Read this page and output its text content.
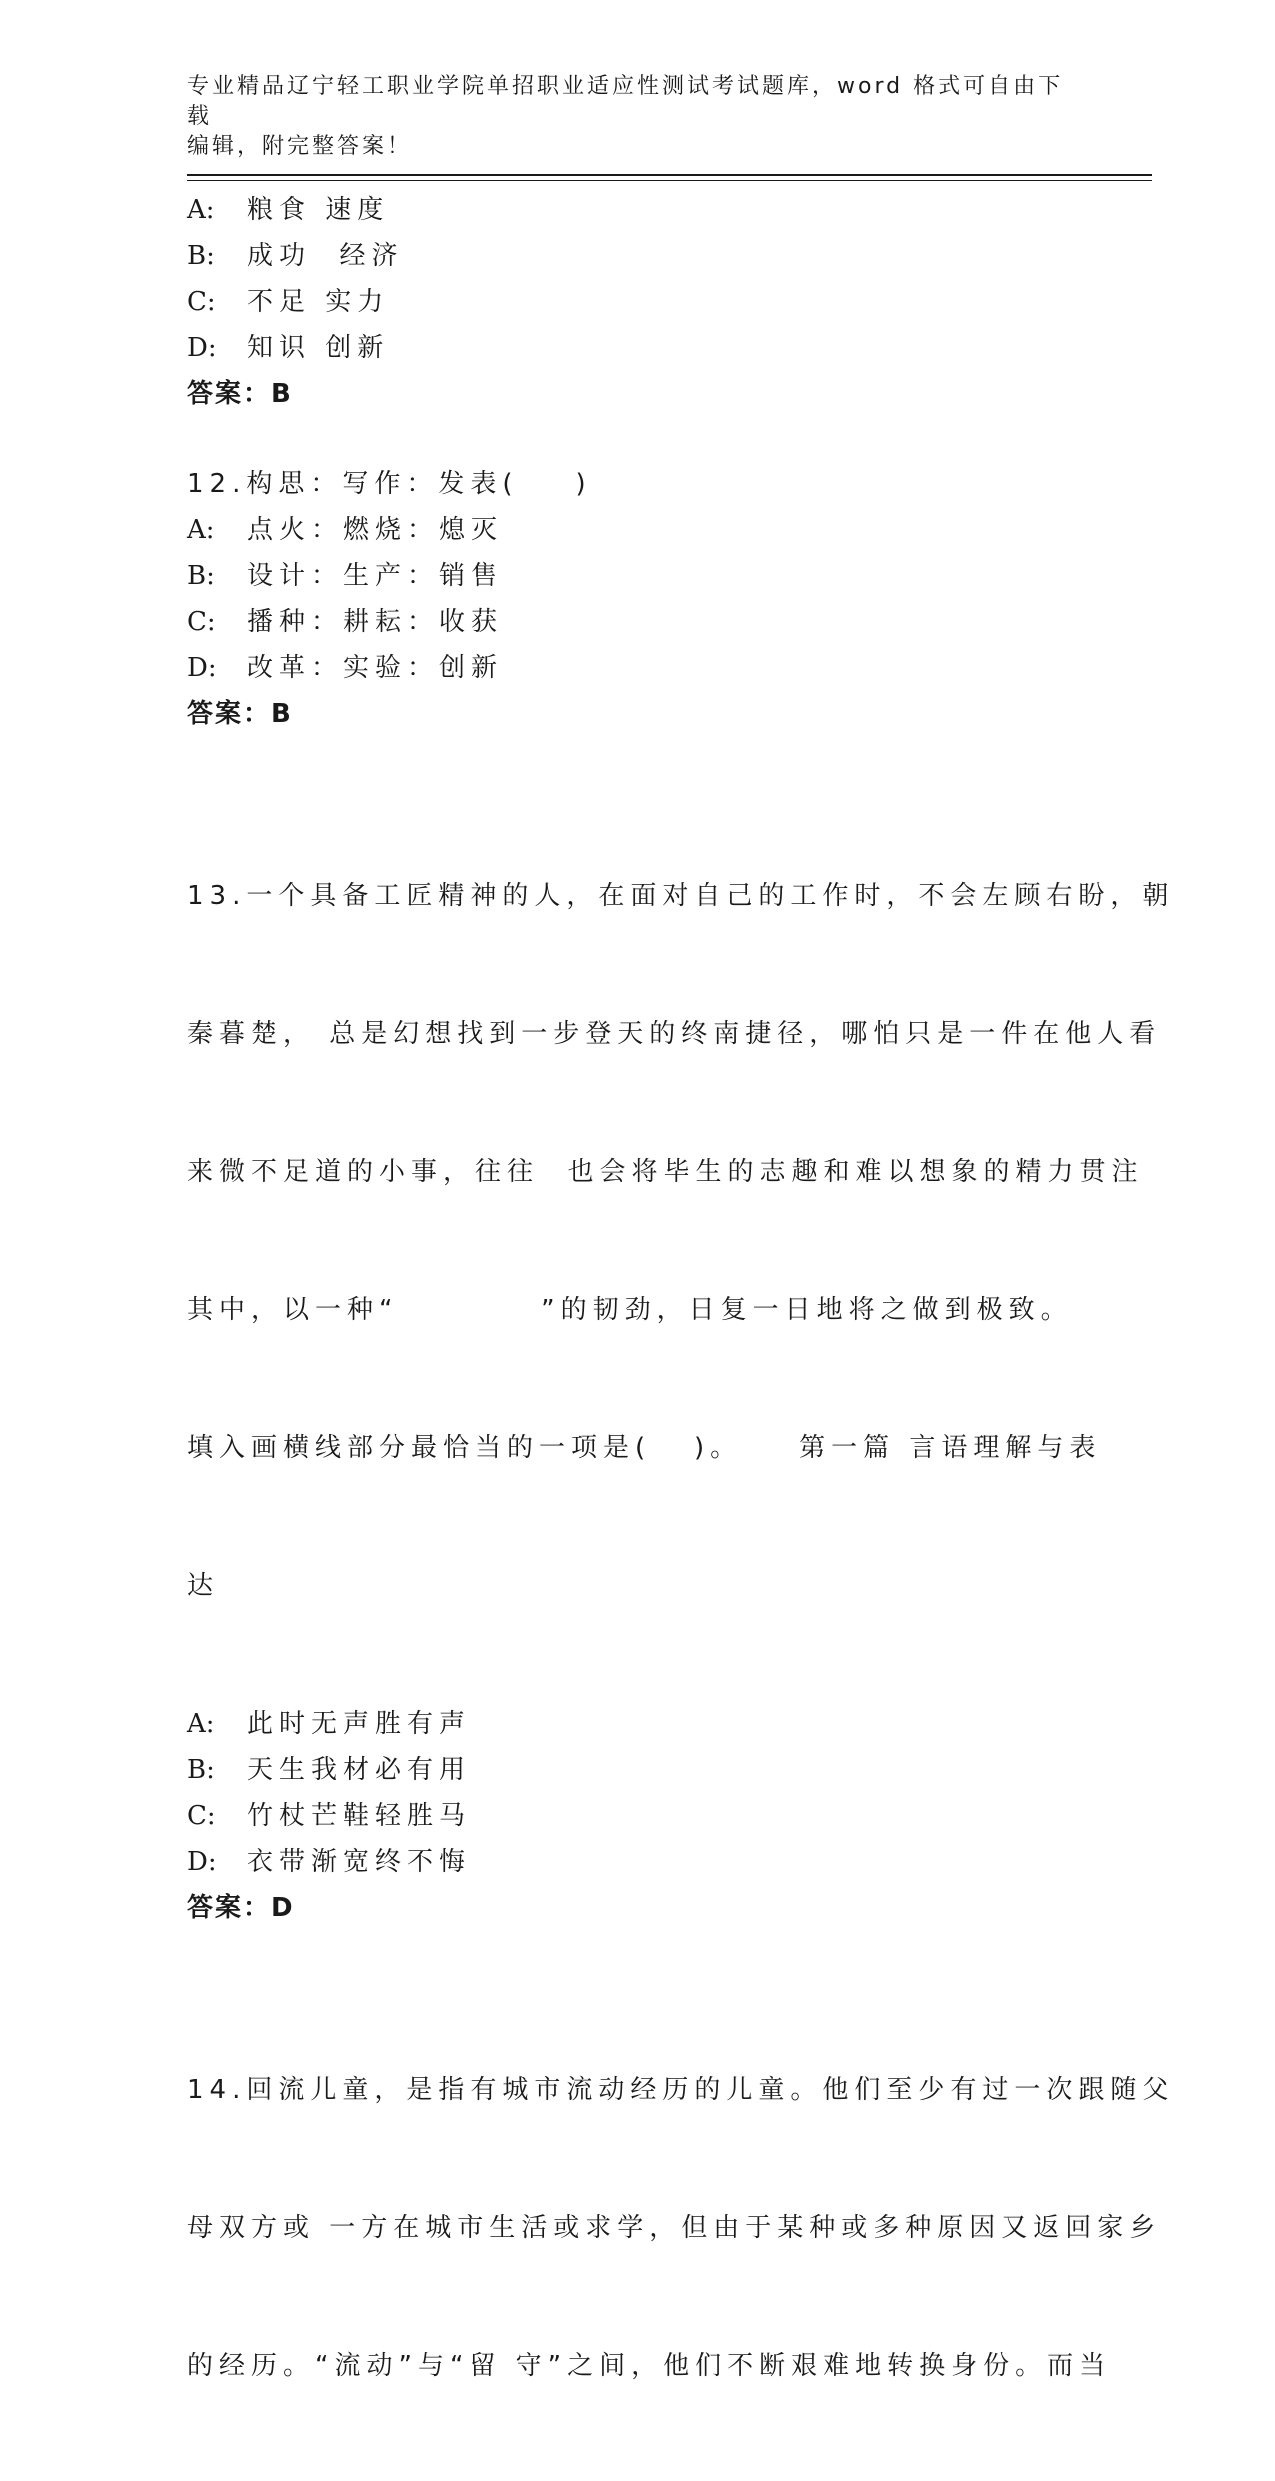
专业精品辽宁轻工职业学院单招职业适应性测试考试题库，word 格式可自由下载
编辑，附完整答案！
A:	粮食 速度
B:	成功  经济
C:	不足 实力
D:	知识 创新
答案：B
12.构思：写作：发表(    )
A:	点火：燃烧：熄灭
B:	设计：生产：销售
C:	播种：耕耘：收获
D:	改革：实验：创新
答案：B

13.一个具备工匠精神的人，在面对自己的工作时，不会左顾右盼，朝

秦暮楚， 总是幻想找到一步登天的终南捷径，哪怕只是一件在他人看

来微不足道的小事，往往  也会将毕生的志趣和难以想象的精力贯注

其中，以一种“          ”的韧劲，日复一日地将之做到极致。

填入画横线部分最恰当的一项是(   )。    第一篇 言语理解与表

达

A:	此时无声胜有声
B:	天生我材必有用
C:	竹杖芒鞋轻胜马
D:	衣带渐宽终不悔
答案：D

14.回流儿童，是指有城市流动经历的儿童。他们至少有过一次跟随父

母双方或 一方在城市生活或求学，但由于某种或多种原因又返回家乡

的经历。“流动”与“留 守”之间，他们不断艰难地转换身份。而当
